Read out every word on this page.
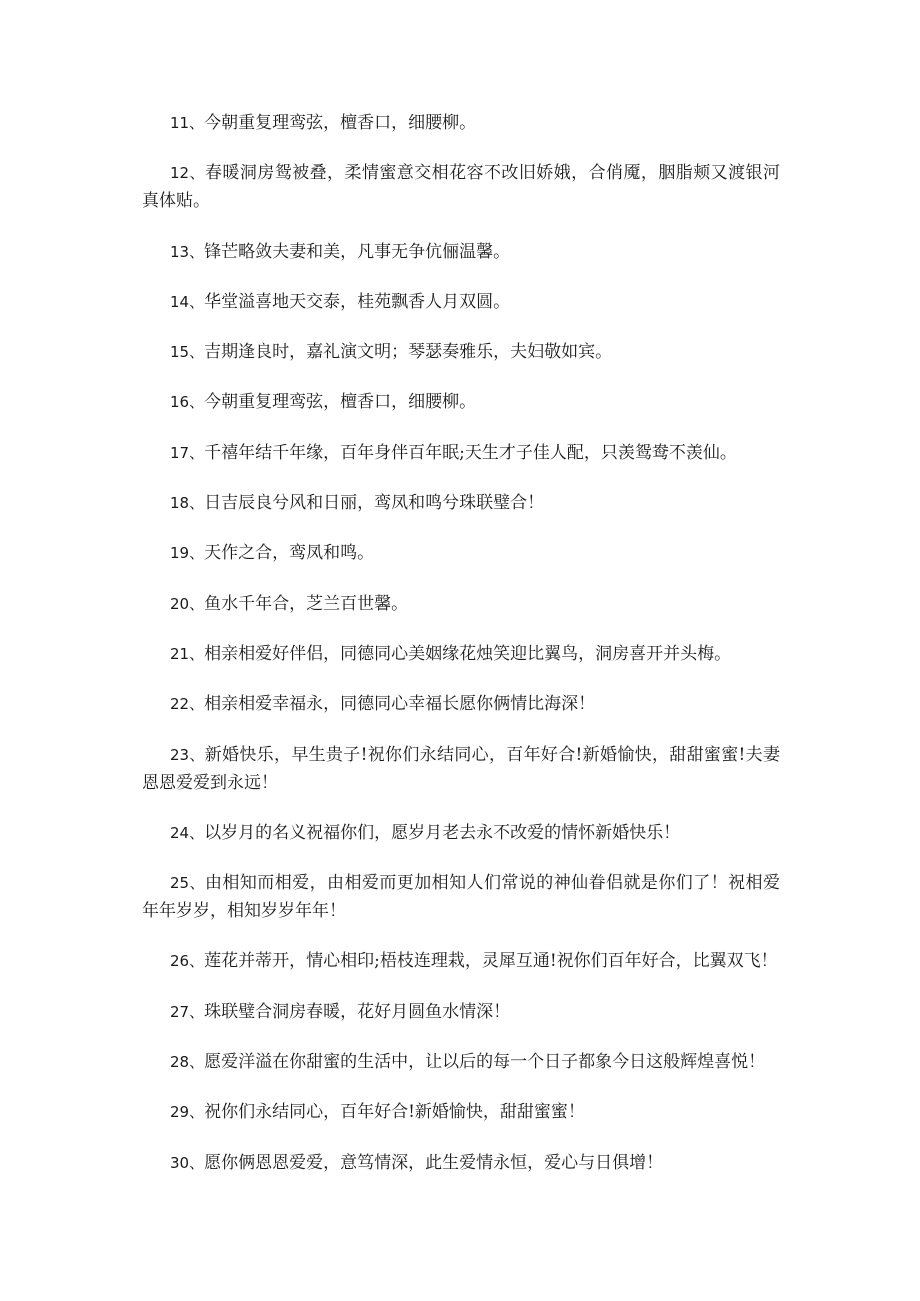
11、今朝重复理鸾弦，檀香口，细腰柳。

12、春暖洞房鸳被叠，柔情蜜意交相花容不改旧娇娥，合俏魇，胭脂颊又渡银河真体贴。

13、锋芒略敛夫妻和美，凡事无争伉俪温馨。

14、华堂溢喜地天交泰，桂苑飘香人月双圆。

15、吉期逢良时，嘉礼演文明；琴瑟奏雅乐，夫妇敬如宾。

16、今朝重复理鸾弦，檀香口，细腰柳。

17、千禧年结千年缘，百年身伴百年眠;天生才子佳人配，只羡鸳鸯不羡仙。

18、日吉辰良兮风和日丽，鸾凤和鸣兮珠联璧合！

19、天作之合，鸾凤和鸣。

20、鱼水千年合，芝兰百世馨。

21、相亲相爱好伴侣，同德同心美姻缘花烛笑迎比翼鸟，洞房喜开并头梅。

22、相亲相爱幸福永，同德同心幸福长愿你俩情比海深！

23、新婚快乐，早生贵子!祝你们永结同心，百年好合!新婚愉快，甜甜蜜蜜!夫妻恩恩爱爱到永远！

24、以岁月的名义祝福你们，愿岁月老去永不改爱的情怀新婚快乐！

25、由相知而相爱，由相爱而更加相知人们常说的神仙眷侣就是你们了！祝相爱年年岁岁，相知岁岁年年！

26、莲花并蒂开，情心相印;梧枝连理栽，灵犀互通!祝你们百年好合，比翼双飞！

27、珠联璧合洞房春暖，花好月圆鱼水情深！

28、愿爱洋溢在你甜蜜的生活中，让以后的每一个日子都象今日这般辉煌喜悦！

29、祝你们永结同心，百年好合!新婚愉快，甜甜蜜蜜！

30、愿你俩恩恩爱爱，意笃情深，此生爱情永恒，爱心与日俱增！
